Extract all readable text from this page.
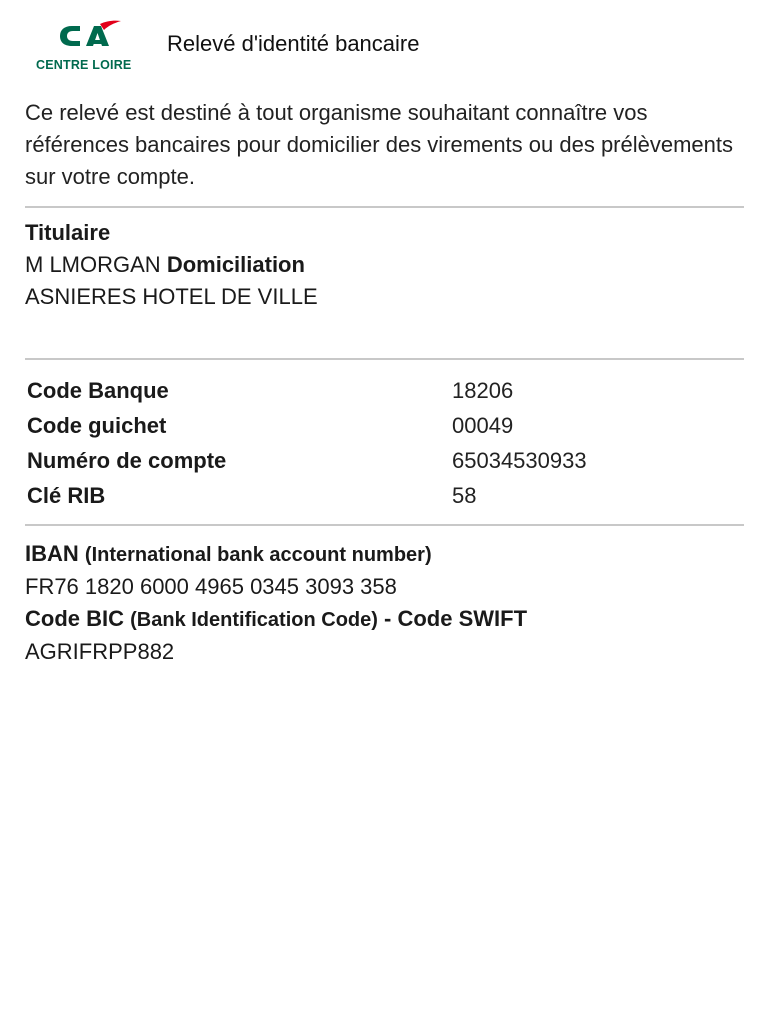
CENTRE LOIRE
Relevé d'identité bancaire
Ce relevé est destiné à tout organisme souhaitant connaître vos références bancaires pour domicilier des virements ou des prélèvements sur votre compte.
Titulaire
M LMORGAN Domiciliation
ASNIERES HOTEL DE VILLE
Code Banque	18206
Code guichet	00049
Numéro de compte	65034530933
Clé RIB	58
IBAN (International bank account number)
FR76 1820 6000 4965 0345 3093 358
Code BIC (Bank Identification Code) - Code SWIFT
AGRIFRPP882
